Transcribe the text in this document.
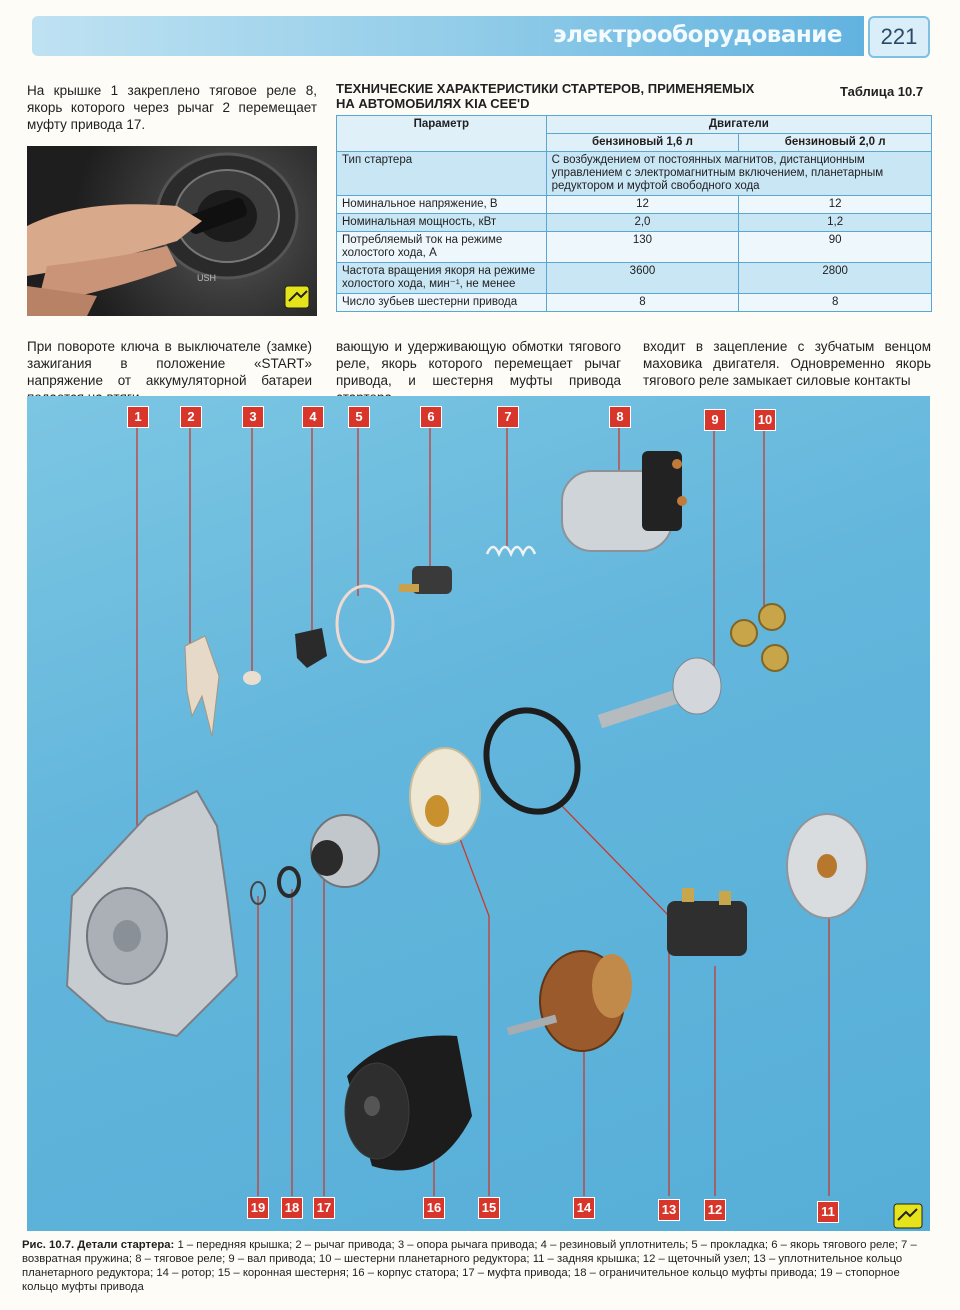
электрооборудование	221
На крышке 1 закреплено тяговое реле 8, якорь которого через рычаг 2 перемещает муфту привода 17.
USH
LOCK / START
ТЕХНИЧЕСКИЕ ХАРАКТЕРИСТИКИ СТАРТЕРОВ, ПРИМЕНЯЕМЫХ НА АВТОМОБИЛЯХ KIA CEE'D
Таблица 10.7
Параметр	Двигатели	
	бензиновый 1,6 л	бензиновый 2,0 л
Тип стартера	С возбуждением от постоянных магнитов, дистанционным управлением с электромагнитным включением, планетарным редуктором и муфтой свободного хода	
Номинальное напряжение, В	12	12
Номинальная мощность, кВт	2,0	1,2
Потребляемый ток на режиме холостого хода, А	130	90
Частота вращения якоря на режиме холостого хода, мин⁻¹, не менее	3600	2800
Число зубьев шестерни привода	8	8
При повороте ключа в выключателе (замке) зажигания в положение «START» напряжение от аккумуляторной батареи
вающую и удерживающую обмотки тягового реле, якорь которого перемещает рычаг привода, и шестерня муфты привода
входит в зацепление с зубчатым венцом маховика двигателя. Одновременно якорь тягового реле замыкает силовые контакты
1	2	3	4	5	6	7	8	9	10
11
12
13
14
15
16
17
18
19
Рис. 10.7. Детали стартера: 1 – передняя крышка; 2 – рычаг привода; 3 – опора рычага привода; 4 – резиновый уплотнитель; 5 – прокладка; 6 – якорь тягового реле; 7 – возвратная пружина; 8 – тяговое реле; 9 – вал привода; 10 – шестерни планетарного редуктора; 11 – задняя крышка; 12 – щеточный узел; 13 – уплотнительное кольцо планетарного редуктора; 14 – ротор; 15 – коронная шестерня; 16 – корпус статора; 17 – муфта привода; 18 – ограничительное кольцо муфты привода; 19 – стопорное кольцо муфты привода
